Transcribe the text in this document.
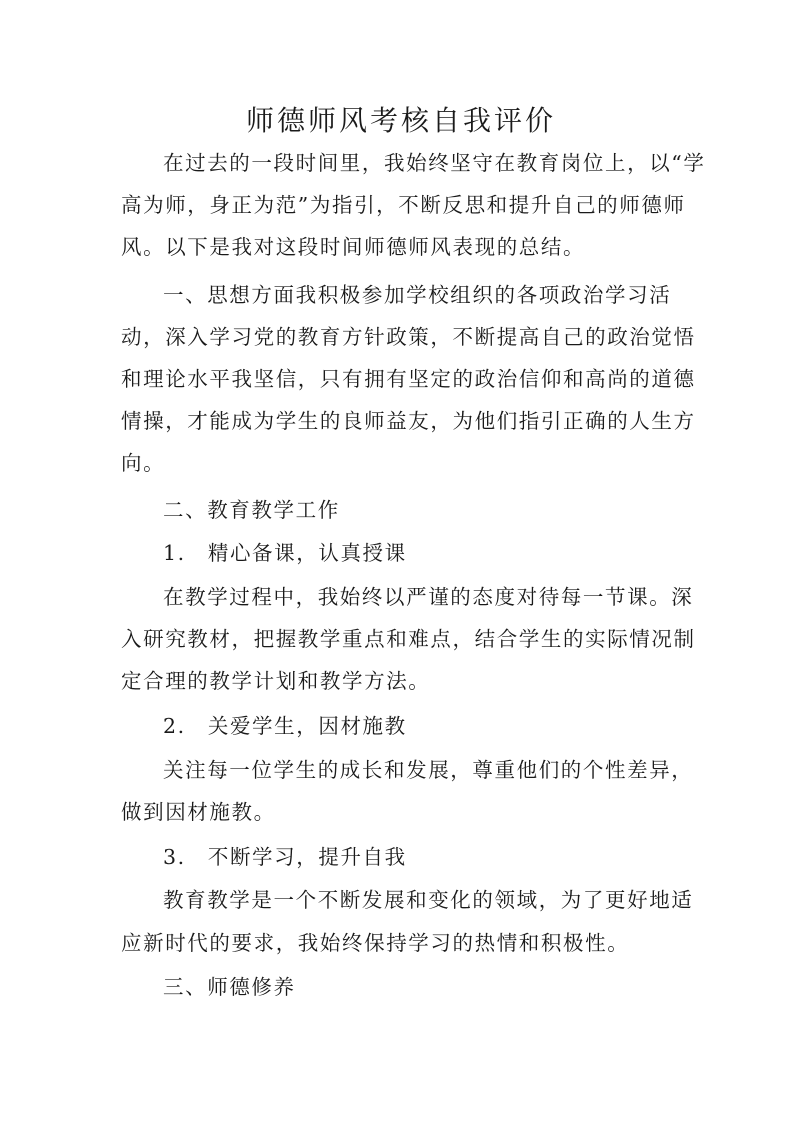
师德师风考核自我评价
在过去的一段时间里，我始终坚守在教育岗位上，以“学
高为师，身正为范”为指引，不断反思和提升自己的师德师
风。以下是我对这段时间师德师风表现的总结。
一、思想方面我积极参加学校组织的各项政治学习活
动，深入学习党的教育方针政策，不断提高自己的政治觉悟
和理论水平我坚信，只有拥有坚定的政治信仰和高尚的道德
情操，才能成为学生的良师益友，为他们指引正确的人生方
向。
二、教育教学工作
1.　精心备课，认真授课
在教学过程中，我始终以严谨的态度对待每一节课。深
入研究教材，把握教学重点和难点，结合学生的实际情况制
定合理的教学计划和教学方法。
2.　关爱学生，因材施教
关注每一位学生的成长和发展，尊重他们的个性差异，
做到因材施教。
3.　不断学习，提升自我
教育教学是一个不断发展和变化的领域，为了更好地适
应新时代的要求，我始终保持学习的热情和积极性。
三、师德修养
